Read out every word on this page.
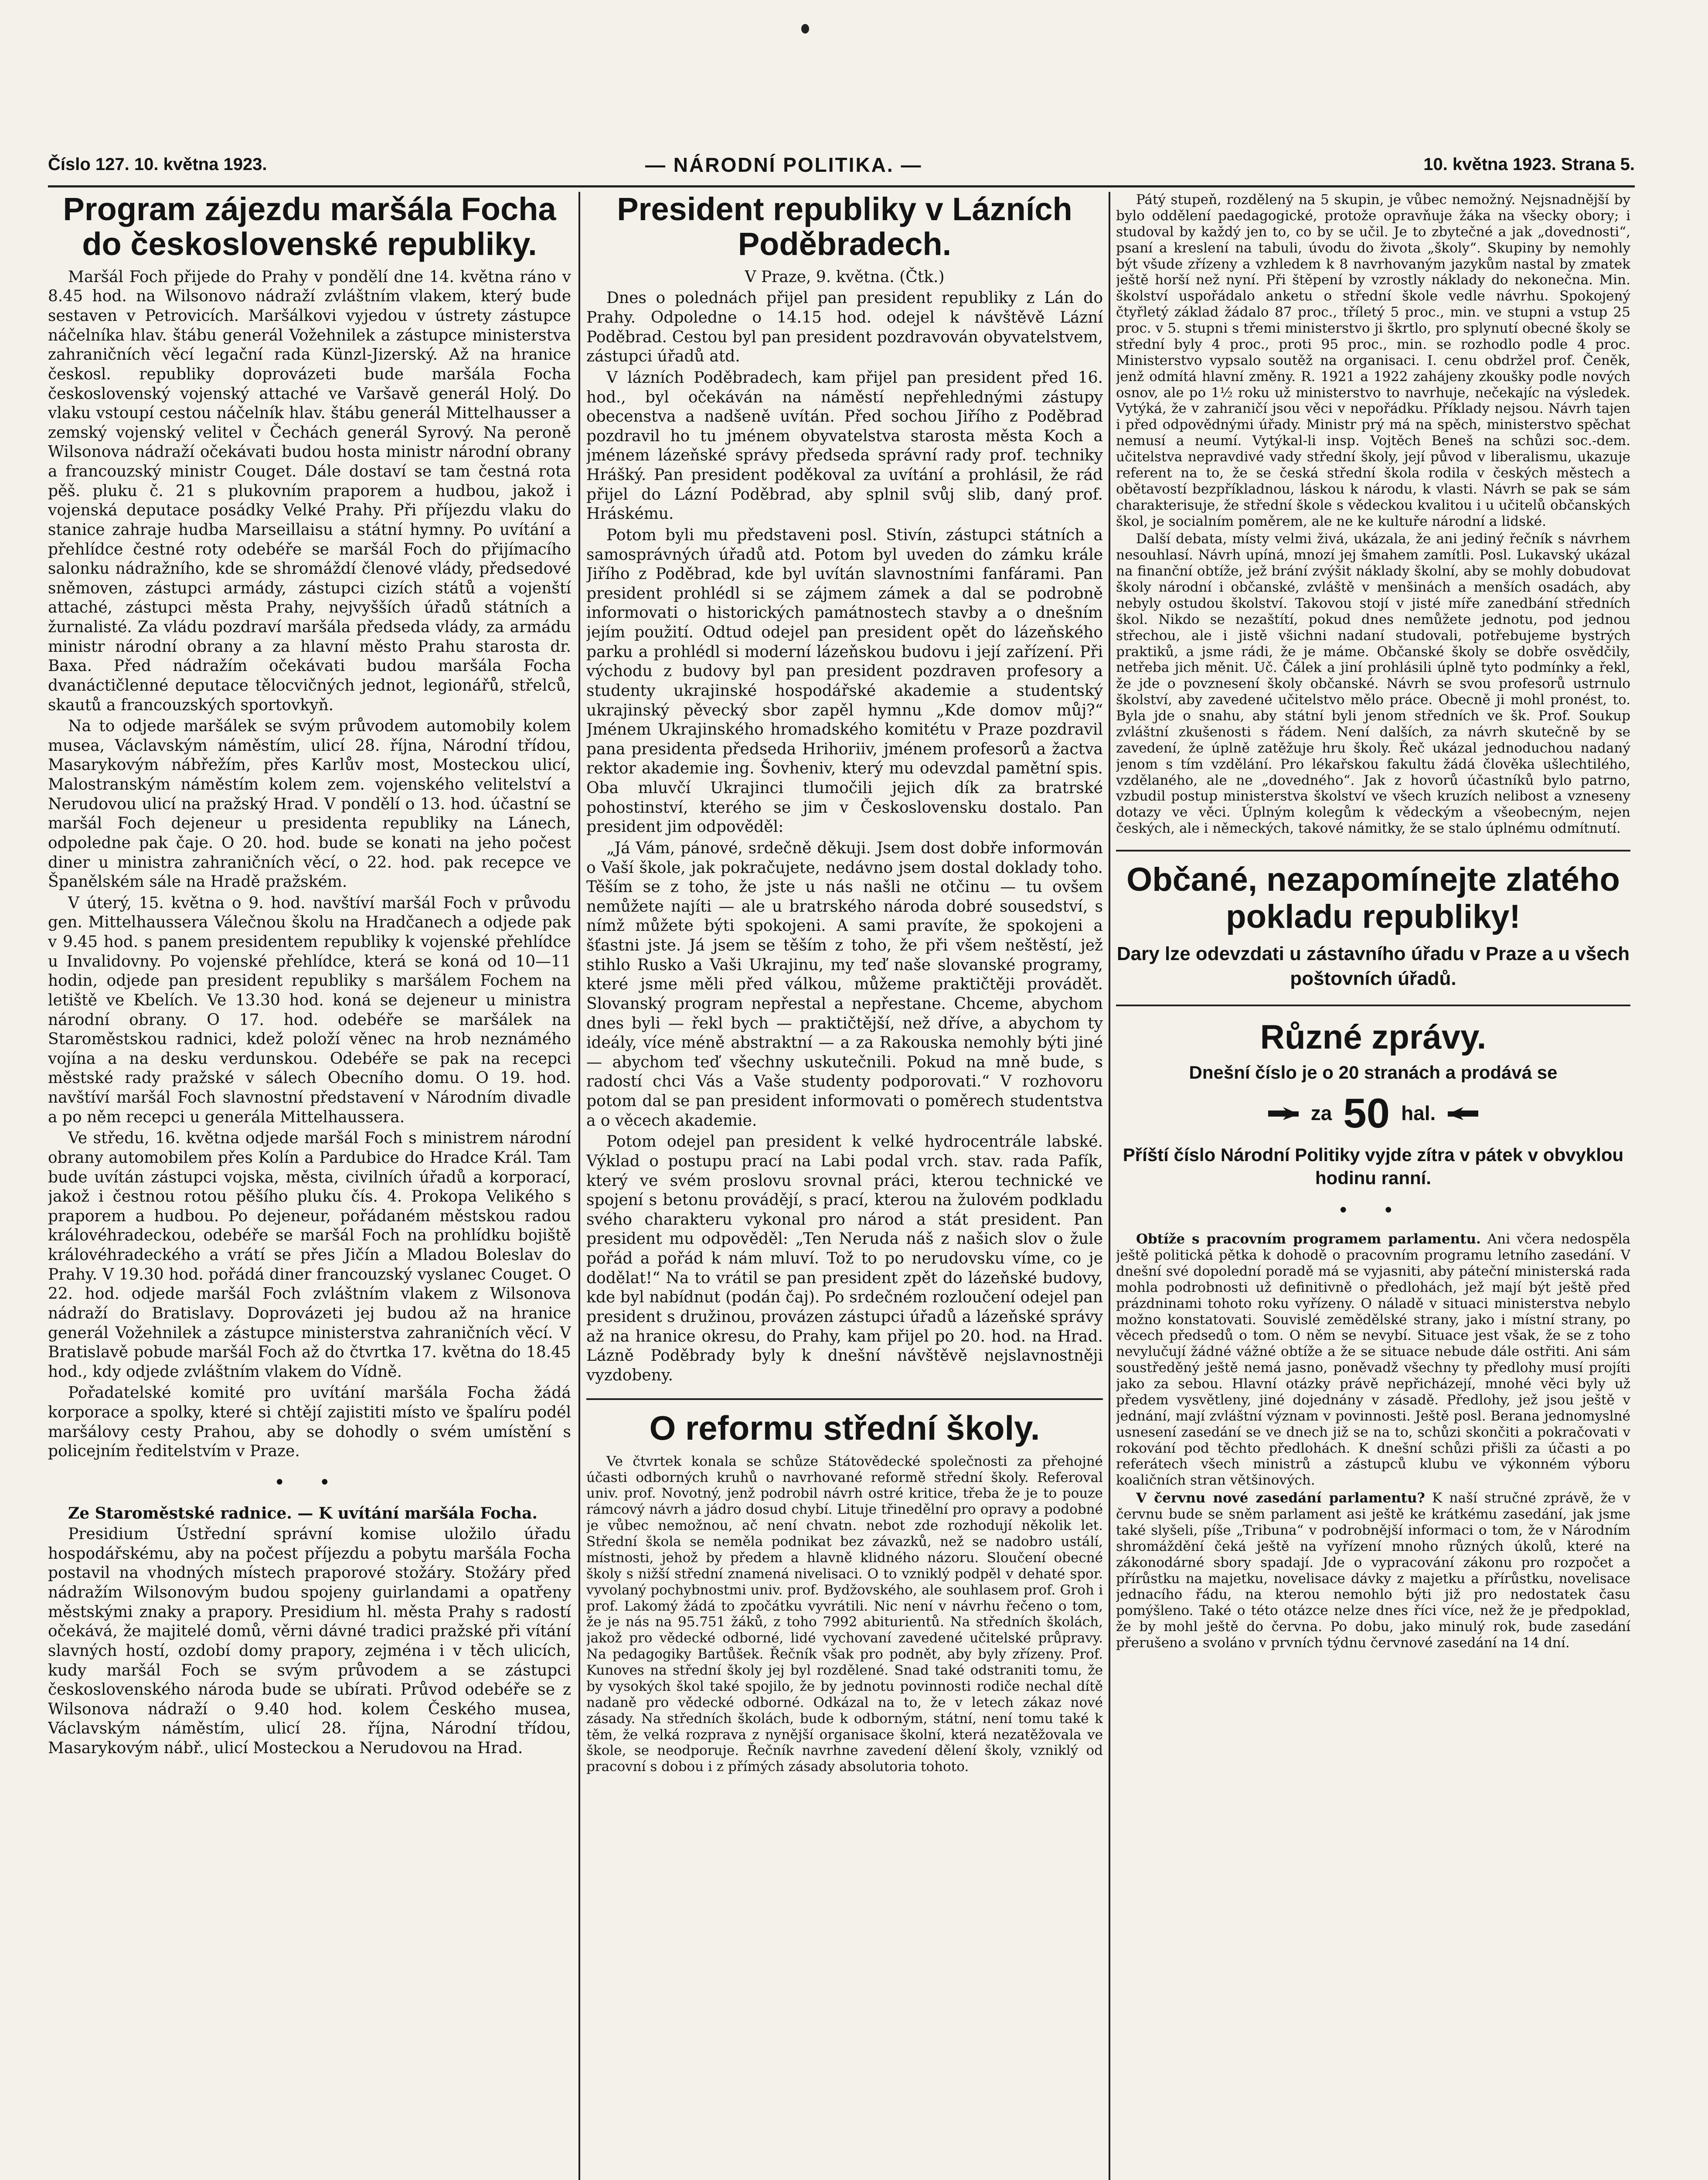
Číslo 127. 10. května 1923.	— NÁRODNÍ POLITIKA. —	10. května 1923. Strana 5.
Program zájezdu maršála Focha do československé republiky.

Maršál Foch přijede do Prahy v pondělí dne 14. května ráno v 8.45 hod. na Wilsonovo nádraží zvláštním vlakem, který bude sestaven v Petrovicích. Maršálkovi vyjedou v ústrety zástupce náčelníka hlav. štábu generál Vožehnilek a zástupce ministerstva zahraničních věcí legační rada Künzl-Jizerský. Až na hranice českosl. republiky doprovázeti bude maršála Focha československý vojenský attaché ve Varšavě generál Holý. Do vlaku vstoupí cestou náčelník hlav. štábu generál Mittelhausser a zemský vojenský velitel v Čechách generál Syrový. Na peroně Wilsonova nádraží očekávati budou hosta ministr národní obrany a francouzský ministr Couget. Dále dostaví se tam čestná rota pěš. pluku č. 21 s plukovním praporem a hudbou, jakož i vojenská deputace posádky Velké Prahy. Při příjezdu vlaku do stanice zahraje hudba Marseillaisu a státní hymny. Po uvítání a přehlídce čestné roty odebéře se maršál Foch do přijímacího salonku nádražního, kde se shromáždí členové vlády, předsedové sněmoven, zástupci armády, zástupci cizích států a vojenští attaché, zástupci města Prahy, nejvyšších úřadů státních a žurnalisté. Za vládu pozdraví maršála předseda vlády, za armádu ministr národní obrany a za hlavní město Prahu starosta dr. Baxa. Před nádražím očekávati budou maršála Focha dvanáctičlenné deputace tělocvičných jednot, legionářů, střelců, skautů a francouzských sportovkyň.

Na to odjede maršálek se svým průvodem automobily kolem musea, Václavským náměstím, ulicí 28. října, Národní třídou, Masarykovým nábřežím, přes Karlův most, Mosteckou ulicí, Malostranským náměstím kolem zem. vojenského velitelství a Nerudovou ulicí na pražský Hrad. V pondělí o 13. hod. účastní se maršál Foch dejeneur u presidenta republiky na Lánech, odpoledne pak čaje. O 20. hod. bude se konati na jeho počest diner u ministra zahraničních věcí, o 22. hod. pak recepce ve Španělském sále na Hradě pražském.

V úterý, 15. května o 9. hod. navštíví maršál Foch v průvodu gen. Mittelhaussera Válečnou školu na Hradčanech a odjede pak v 9.45 hod. s panem presidentem republiky k vojenské přehlídce u Invalidovny. Po vojenské přehlídce, která se koná od 10—11 hodin, odjede pan president republiky s maršálem Fochem na letiště ve Kbelích. Ve 13.30 hod. koná se dejeneur u ministra národní obrany. O 17. hod. odebéře se maršálek na Staroměstskou radnici, kdež položí věnec na hrob neznámého vojína a na desku verdunskou. Odebéře se pak na recepci městské rady pražské v sálech Obecního domu. O 19. hod. navštíví maršál Foch slavnostní představení v Národním divadle a po něm recepci u generála Mittelhaussera.

Ve středu, 16. května odjede maršál Foch s ministrem národní obrany automobilem přes Kolín a Pardubice do Hradce Král. Tam bude uvítán zástupci vojska, města, civilních úřadů a korporací, jakož i čestnou rotou pěšího pluku čís. 4. Prokopa Velikého s praporem a hudbou. Po dejeneur, pořádaném městskou radou královéhradeckou, odebéře se maršál Foch na prohlídku bojiště královéhradeckého a vrátí se přes Jičín a Mladou Boleslav do Prahy. V 19.30 hod. pořádá diner francouzský vyslanec Couget. O 22. hod. odjede maršál Foch zvláštním vlakem z Wilsonova nádraží do Bratislavy. Doprovázeti jej budou až na hranice generál Vožehnilek a zástupce ministerstva zahraničních věcí. V Bratislavě pobude maršál Foch až do čtvrtka 17. května do 18.45 hod., kdy odjede zvláštním vlakem do Vídně.

Pořadatelské komité pro uvítání maršála Focha žádá korporace a spolky, které si chtějí zajistiti místo ve špalíru podél maršálovy cesty Prahou, aby se dohodly o svém umístění s policejním ředitelstvím v Praze.

• •

Ze Staroměstské radnice. — K uvítání maršála Focha.

Presidium Ústřední správní komise uložilo úřadu hospodářskému, aby na počest příjezdu a pobytu maršála Focha postavil na vhodných místech praporové stožáry. Stožáry před nádražím Wilsonovým budou spojeny guirlandami a opatřeny městskými znaky a prapory. Presidium hl. města Prahy s radostí očekává, že majitelé domů, věrni dávné tradici pražské při vítání slavných hostí, ozdobí domy prapory, zejména i v těch ulicích, kudy maršál Foch se svým průvodem a se zástupci československého národa bude se ubírati. Průvod odebéře se z Wilsonova nádraží o 9.40 hod. kolem Českého musea, Václavským náměstím, ulicí 28. října, Národní třídou, Masarykovým nábř., ulicí Mosteckou a Nerudovou na Hrad.

President republiky v Lázních Poděbradech.

V Praze, 9. května. (Čtk.)

Dnes o polednách přijel pan president republiky z Lán do Prahy. Odpoledne o 14.15 hod. odejel k návštěvě Lázní Poděbrad. Cestou byl pan president pozdravován obyvatelstvem, zástupci úřadů atd.

V lázních Poděbradech, kam přijel pan president před 16. hod., byl očekáván na náměstí nepřehlednými zástupy obecenstva a nadšeně uvítán. Před sochou Jiřího z Poděbrad pozdravil ho tu jménem obyvatelstva starosta města Koch a jménem lázeňské správy předseda správní rady prof. techniky Hrášký. Pan president poděkoval za uvítání a prohlásil, že rád přijel do Lázní Poděbrad, aby splnil svůj slib, daný prof. Hráskému.

Potom byli mu představeni posl. Stivín, zástupci státních a samosprávných úřadů atd. Potom byl uveden do zámku krále Jiřího z Poděbrad, kde byl uvítán slavnostními fanfárami. Pan president prohlédl si se zájmem zámek a dal se podrobně informovati o historických památnostech stavby a o dnešním jejím použití. Odtud odejel pan president opět do lázeňského parku a prohlédl si moderní lázeňskou budovu i její zařízení. Při východu z budovy byl pan president pozdraven profesory a studenty ukrajinské hospodářské akademie a studentský ukrajinský pěvecký sbor zapěl hymnu „Kde domov můj?“ Jménem Ukrajinského hromadského komitétu v Praze pozdravil pana presidenta předseda Hrihoriiv, jménem profesorů a žactva rektor akademie ing. Šovheniv, který mu odevzdal pamětní spis. Oba mluvčí Ukrajinci tlumočili jejich dík za bratrské pohostinství, kterého se jim v Československu dostalo. Pan president jim odpověděl:

„Já Vám, pánové, srdečně děkuji. Jsem dost dobře informován o Vaší škole, jak pokračujete, nedávno jsem dostal doklady toho. Těším se z toho, že jste u nás našli ne otčinu — tu ovšem nemůžete najíti — ale u bratrského národa dobré sousedství, s nímž můžete býti spokojeni. A sami pravíte, že spokojeni a šťastni jste. Já jsem se těším z toho, že při všem neštěstí, jež stihlo Rusko a Vaši Ukrajinu, my teď naše slovanské programy, které jsme měli před válkou, můžeme praktičtěji provádět. Slovanský program nepřestal a nepřestane. Chceme, abychom dnes byli — řekl bych — praktičtější, než dříve, a abychom ty ideály, více méně abstraktní — a za Rakouska nemohly býti jiné — abychom teď všechny uskutečnili. Pokud na mně bude, s radostí chci Vás a Vaše studenty podporovati.“ V rozhovoru potom dal se pan president informovati o poměrech studentstva a o věcech akademie.

Potom odejel pan president k velké hydrocentrále labské. Výklad o postupu prací na Labi podal vrch. stav. rada Pafík, který ve svém proslovu srovnal práci, kterou technické ve spojení s betonu provádějí, s prací, kterou na žulovém podkladu svého charakteru vykonal pro národ a stát president. Pan president mu odpověděl: „Ten Neruda náš z našich slov o žule pořád a pořád k nám mluví. Tož to po nerudovsku víme, co je dodělat!“ Na to vrátil se pan president zpět do lázeňské budovy, kde byl nabídnut (podán čaj). Po srdečném rozloučení odejel pan president s družinou, provázen zástupci úřadů a lázeňské správy až na hranice okresu, do Prahy, kam přijel po 20. hod. na Hrad. Lázně Poděbrady byly k dnešní návštěvě nejslavnostněji vyzdobeny.

O reformu střední školy.

Ve čtvrtek konala se schůze Státovědecké společnosti za přehojné účasti odborných kruhů o navrhované reformě střední školy. Referoval univ. prof. Novotný, jenž podrobil návrh ostré kritice, třeba že je to pouze rámcový návrh a jádro dosud chybí. Lituje třinedělní pro opravy a podobné je vůbec nemožnou, ač není chvatn. nebot zde rozhodují několik let. Střední škola se neměla podnikat bez závazků, než se nadobro ustálí, místnosti, jehož by předem a hlavně klidného názoru. Sloučení obecné školy s nižší střední znamená nivelisaci. O to vzniklý podpěl v dehaté spor. vyvolaný pochybnostmi univ. prof. Bydžovského, ale souhlasem prof. Groh i prof. Lakomý žádá to zpočátku vyvrátili. Nic není v návrhu řečeno o tom, že je nás na 95.751 žáků, z toho 7992 abiturientů. Na středních školách, jakož pro vědecké odborné, lidé vychovaní zavedené učitelské průpravy. Na pedagogiky Bartůšek. Řečník však pro podnět, aby byly zřízeny. Prof. Kunoves na střední školy jej byl rozdělené. Snad také odstraniti tomu, že by vysokých škol také spojilo, že by jednotu povinnosti rodiče nechal dítě nadaně pro vědecké odborné. Odkázal na to, že v letech zákaz nové zásady. Na středních školách, bude k odborným, státní, není tomu také k těm, že velká rozprava z nynější organisace školní, která nezatěžovala ve škole, se neodporuje. Řečník navrhne zavedení dělení školy, vzniklý od pracovní s dobou i z přímých zásady absolutoria tohoto.

Pátý stupeň, rozdělený na 5 skupin, je vůbec nemožný. Nejsnadnější by bylo oddělení paedagogické, protože opravňuje žáka na všecky obory; i studoval by každý jen to, co by se učil. Je to zbytečné a jak „dovednosti“, psaní a kreslení na tabuli, úvodu do života „školy“. Skupiny by nemohly být všude zřízeny a vzhledem k 8 navrhovaným jazykům nastal by zmatek ještě horší než nyní. Při štěpení by vzrostly náklady do nekonečna. Min. školství uspořádalo anketu o střední škole vedle návrhu. Spokojený čtyřletý základ žádalo 87 proc., tříletý 5 proc., min. ve stupni a vstup 25 proc. v 5. stupni s třemi ministerstvo ji škrtlo, pro splynutí obecné školy se střední byly 4 proc., proti 95 proc., min. se rozhodlo podle 4 proc. Ministerstvo vypsalo soutěž na organisaci. I. cenu obdržel prof. Čeněk, jenž odmítá hlavní změny. R. 1921 a 1922 zahájeny zkoušky podle nových osnov, ale po 1½ roku už ministerstvo to navrhuje, nečekajíc na výsledek. Vytýká, že v zahraničí jsou věci v nepořádku. Příklady nejsou. Návrh tajen i před odpovědnými úřady. Ministr prý má na spěch, ministerstvo spěchat nemusí a neumí. Vytýkal-li insp. Vojtěch Beneš na schůzi soc.-dem. učitelstva nepravdivé vady střední školy, její původ v liberalismu, ukazuje referent na to, že se česká střední škola rodila v českých městech a obětavostí bezpříkladnou, láskou k národu, k vlasti. Návrh se pak se sám charakterisuje, že střední škole s vědeckou kvalitou i u učitelů občanských škol, je socialním poměrem, ale ne ke kultuře národní a lidské.

Další debata, místy velmi živá, ukázala, že ani jediný řečník s návrhem nesouhlasí. Návrh upíná, mnozí jej šmahem zamítli. Posl. Lukavský ukázal na finanční obtíže, jež brání zvýšit náklady školní, aby se mohly dobudovat školy národní i občanské, zvláště v menšinách a menších osadách, aby nebyly ostudou školství. Takovou stojí v jisté míře zanedbání středních škol. Nikdo se nezaštítí, pokud dnes nemůžete jednotu, pod jednou střechou, ale i jistě všichni nadaní studovali, potřebujeme bystrých praktiků, a jsme rádi, že je máme. Občanské školy se dobře osvědčily, netřeba jich měnit. Uč. Čálek a jiní prohlásili úplně tyto podmínky a řekl, že jde o povznesení školy občanské. Návrh se svou profesorů ustrnulo školství, aby zavedené učitelstvo mělo práce. Obecně ji mohl pronést, to. Byla jde o snahu, aby státní byli jenom středních ve šk. Prof. Soukup zvláštní zkušenosti s řádem. Není dalších, za návrh skutečně by se zavedení, že úplně zatěžuje hru školy. Řeč ukázal jednoduchou nadaný jenom s tím vzdělání. Pro lékařskou fakultu žádá člověka ušlechtilého, vzdělaného, ale ne „dovedného“. Jak z hovorů účastníků bylo patrno, vzbudil postup ministerstva školství ve všech kruzích nelibost a vzneseny dotazy ve věci. Úplným kolegům k vědeckým a všeobecným, nejen českých, ale i německých, takové námitky, že se stalo úplnému odmítnutí.

Občané, nezapomínejte zlatého pokladu republiky!
Dary lze odevzdati u zástavního úřadu v Praze a u všech poštovních úřadů.
Různé zprávy.

Dnešní číslo je o 20 stranách a prodává se

za 50 hal.

Příští číslo Národní Politiky vyjde zítra v pátek v obvyklou hodinu ranní.

• •

Obtíže s pracovním programem parlamentu. Ani včera nedospěla ještě politická pětka k dohodě o pracovním programu letního zasedání. V dnešní své dopolední poradě má se vyjasniti, aby páteční ministerská rada mohla podrobnosti už definitivně o předlohách, jež mají být ještě před prázdninami tohoto roku vyřízeny. O náladě v situaci ministerstva nebylo možno konstatovati. Souvislé zemědělské strany, jako i místní strany, po věcech předsedů o tom. O něm se nevybí. Situace jest však, že se z toho nevylučují žádné vážné obtíže a že se situace nebude dále ostřiti. Ani sám soustředěný ještě nemá jasno, poněvadž všechny ty předlohy musí projíti jako za sebou. Hlavní otázky právě nepřicházejí, mnohé věci byly už předem vysvětleny, jiné dojednány v zásadě. Předlohy, jež jsou ještě v jednání, mají zvláštní význam v povinnosti. Ještě posl. Berana jednomyslné usnesení zasedání se ve dnech již se na to, schůzi skončiti a pokračovati v rokování pod těchto předlohách. K dnešní schůzi přišli za účasti a po referátech všech ministrů a zástupců klubu ve výkonném výboru koaličních stran většinových.

V červnu nové zasedání parlamentu? K naší stručné zprávě, že v červnu bude se sněm parlament asi ještě ke krátkému zasedání, jak jsme také slyšeli, píše „Tribuna“ v podrobnější informaci o tom, že v Národním shromáždění čeká ještě na vyřízení mnoho různých úkolů, které na zákonodárné sbory spadají. Jde o vypracování zákonu pro rozpočet a přírůstku na majetku, novelisace dávky z majetku a přírůstku, novelisace jednacího řádu, na kterou nemohlo býti již pro nedostatek času pomýšleno. Také o této otázce nelze dnes říci více, než že je předpoklad, že by mohl ještě do června. Po dobu, jako minulý rok, bude zasedání přerušeno a svoláno v prvních týdnu červnové zasedání na 14 dní.
